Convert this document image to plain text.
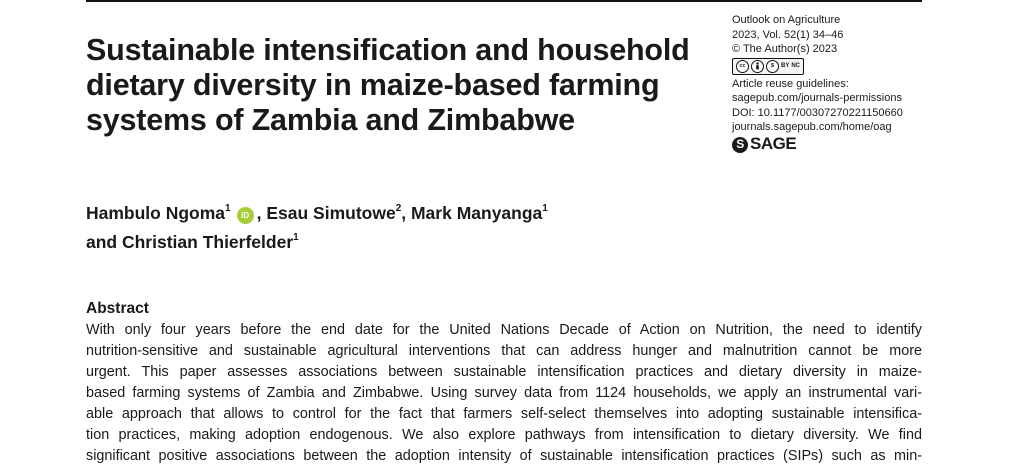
Sustainable intensification and household
dietary diversity in maize-based farming
systems of Zambia and Zimbabwe
Outlook on Agriculture
2023, Vol. 52(1) 34–46
© The Author(s) 2023
cc	$	BY NC
Article reuse guidelines:
sagepub.com/journals-permissions
DOI: 10.1177/00307270221150660
journals.sagepub.com/home/oag
S SAGE
Hambulo Ngoma$^1$iD , Esau Simutowe$^2$, Mark Manyanga$^1$
and Christian Thierfelder$^1$
Abstract
With only four years before the end date for the United Nations Decade of Action on Nutrition, the need to identify
nutrition-sensitive and sustainable agricultural interventions that can address hunger and malnutrition cannot be more
urgent. This paper assesses associations between sustainable intensification practices and dietary diversity in maize-
based farming systems of Zambia and Zimbabwe. Using survey data from 1124 households, we apply an instrumental vari-
able approach that allows to control for the fact that farmers self-select themselves into adopting sustainable intensifica-
tion practices, making adoption endogenous. We also explore pathways from intensification to dietary diversity. We find
significant positive associations between the adoption intensity of sustainable intensification practices (SIPs) such as min-
